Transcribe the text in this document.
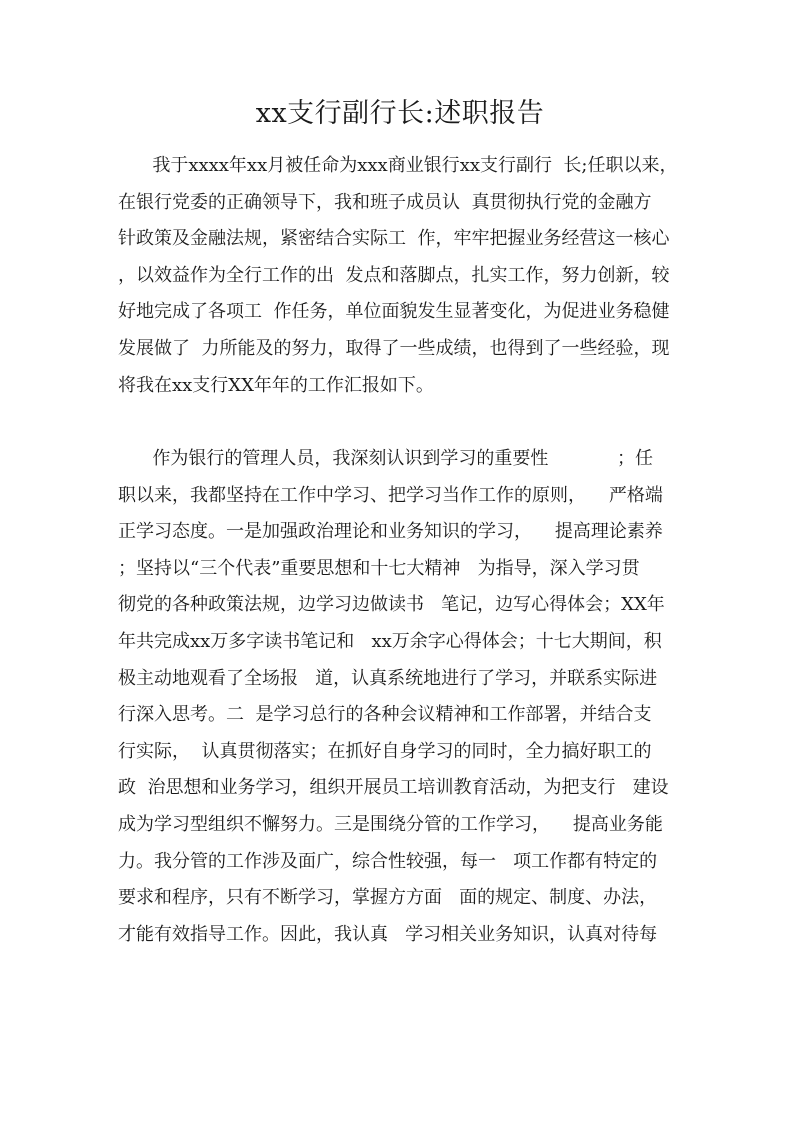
xx支行副行长:述职报告
我于xxxx年xx月被任命为xxx商业银行xx支行副行  长;任职以来，
在银行党委的正确领导下，我和班子成员认  真贯彻执行党的金融方
针政策及金融法规，紧密结合实际工  作，牢牢把握业务经营这一核心
，以效益作为全行工作的出  发点和落脚点，扎实工作，努力创新，较
好地完成了各项工  作任务，单位面貌发生显著变化，为促进业务稳健
发展做了  力所能及的努力，取得了一些成绩，也得到了一些经验，现
将我在xx支行XX年年的工作汇报如下。
作为银行的管理人员，我深刻认识到学习的重要性            ；任
职以来，我都坚持在工作中学习、把学习当作工作的原则，    严格端
正学习态度。一是加强政治理论和业务知识的学习，    提高理论素养
；坚持以“三个代表”重要思想和十七大精神   为指导，深入学习贯
彻党的各种政策法规，边学习边做读书   笔记，边写心得体会；XX年
年共完成xx万多字读书笔记和   xx万余字心得体会；十七大期间，积
极主动地观看了全场报   道，认真系统地进行了学习，并联系实际进
行深入思考。二  是学习总行的各种会议精神和工作部署，并结合支
行实际，  认真贯彻落实；在抓好自身学习的同时，全力搞好职工的
政  治思想和业务学习，组织开展员工培训教育活动，为把支行   建设
成为学习型组织不懈努力。三是围绕分管的工作学习，    提高业务能
力。我分管的工作涉及面广，综合性较强，每一   项工作都有特定的
要求和程序，只有不断学习，掌握方方面   面的规定、制度、办法，
才能有效指导工作。因此，我认真   学习相关业务知识，认真对待每
